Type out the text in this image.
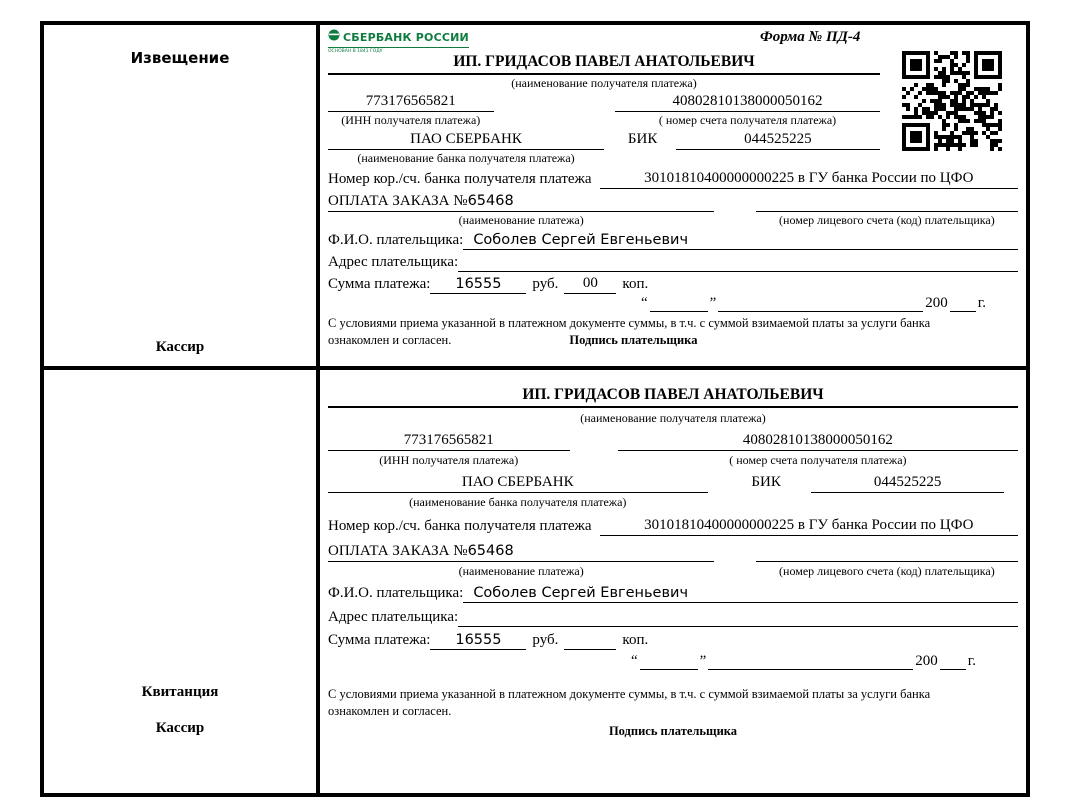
Извещение
Кассир
СБЕРБАНК РОССИИ
ОСНОВАН В 1841 ГОДУ
Форма № ПД-4
ИП. ГРИДАСОВ ПАВЕЛ АНАТОЛЬЕВИЧ
(наименование получателя платежа)
773176565821	40802810138000050162
(ИНН получателя платежа)	( номер счета получателя платежа)
ПАО СБЕРБАНК	БИК	044525225
(наименование банка получателя платежа)
Номер кор./сч. банка получателя платежа	30101810400000000225 в ГУ банка России по ЦФО
ОПЛАТА ЗАКАЗА №65468
(наименование платежа)	(номер лицевого счета (код) плательщика)
Ф.И.О. плательщика: Соболев Сергей Евгеньевич
Адрес плательщика:
Сумма платежа:	16555	руб.	00	коп.
“	”	200 г.
С условиями приема указанной в платежном документе суммы, в т.ч. с суммой взимаемой платы за услуги банка
ознакомлен и согласен.	Подпись плательщика
Квитанция
Кассир
ИП. ГРИДАСОВ ПАВЕЛ АНАТОЛЬЕВИЧ
(наименование получателя платежа)
773176565821	40802810138000050162
(ИНН получателя платежа)	( номер счета получателя платежа)
ПАО СБЕРБАНК	БИК	044525225
(наименование банка получателя платежа)
Номер кор./сч. банка получателя платежа	30101810400000000225 в ГУ банка России по ЦФО
ОПЛАТА ЗАКАЗА №65468
(наименование платежа)	(номер лицевого счета (код) плательщика)
Ф.И.О. плательщика: Соболев Сергей Евгеньевич
Адрес плательщика:
Сумма платежа:	16555	руб.	коп.
“	”	200 г.
С условиями приема указанной в платежном документе суммы, в т.ч. с суммой взимаемой платы за услуги банка
ознакомлен и согласен.
Подпись плательщика
